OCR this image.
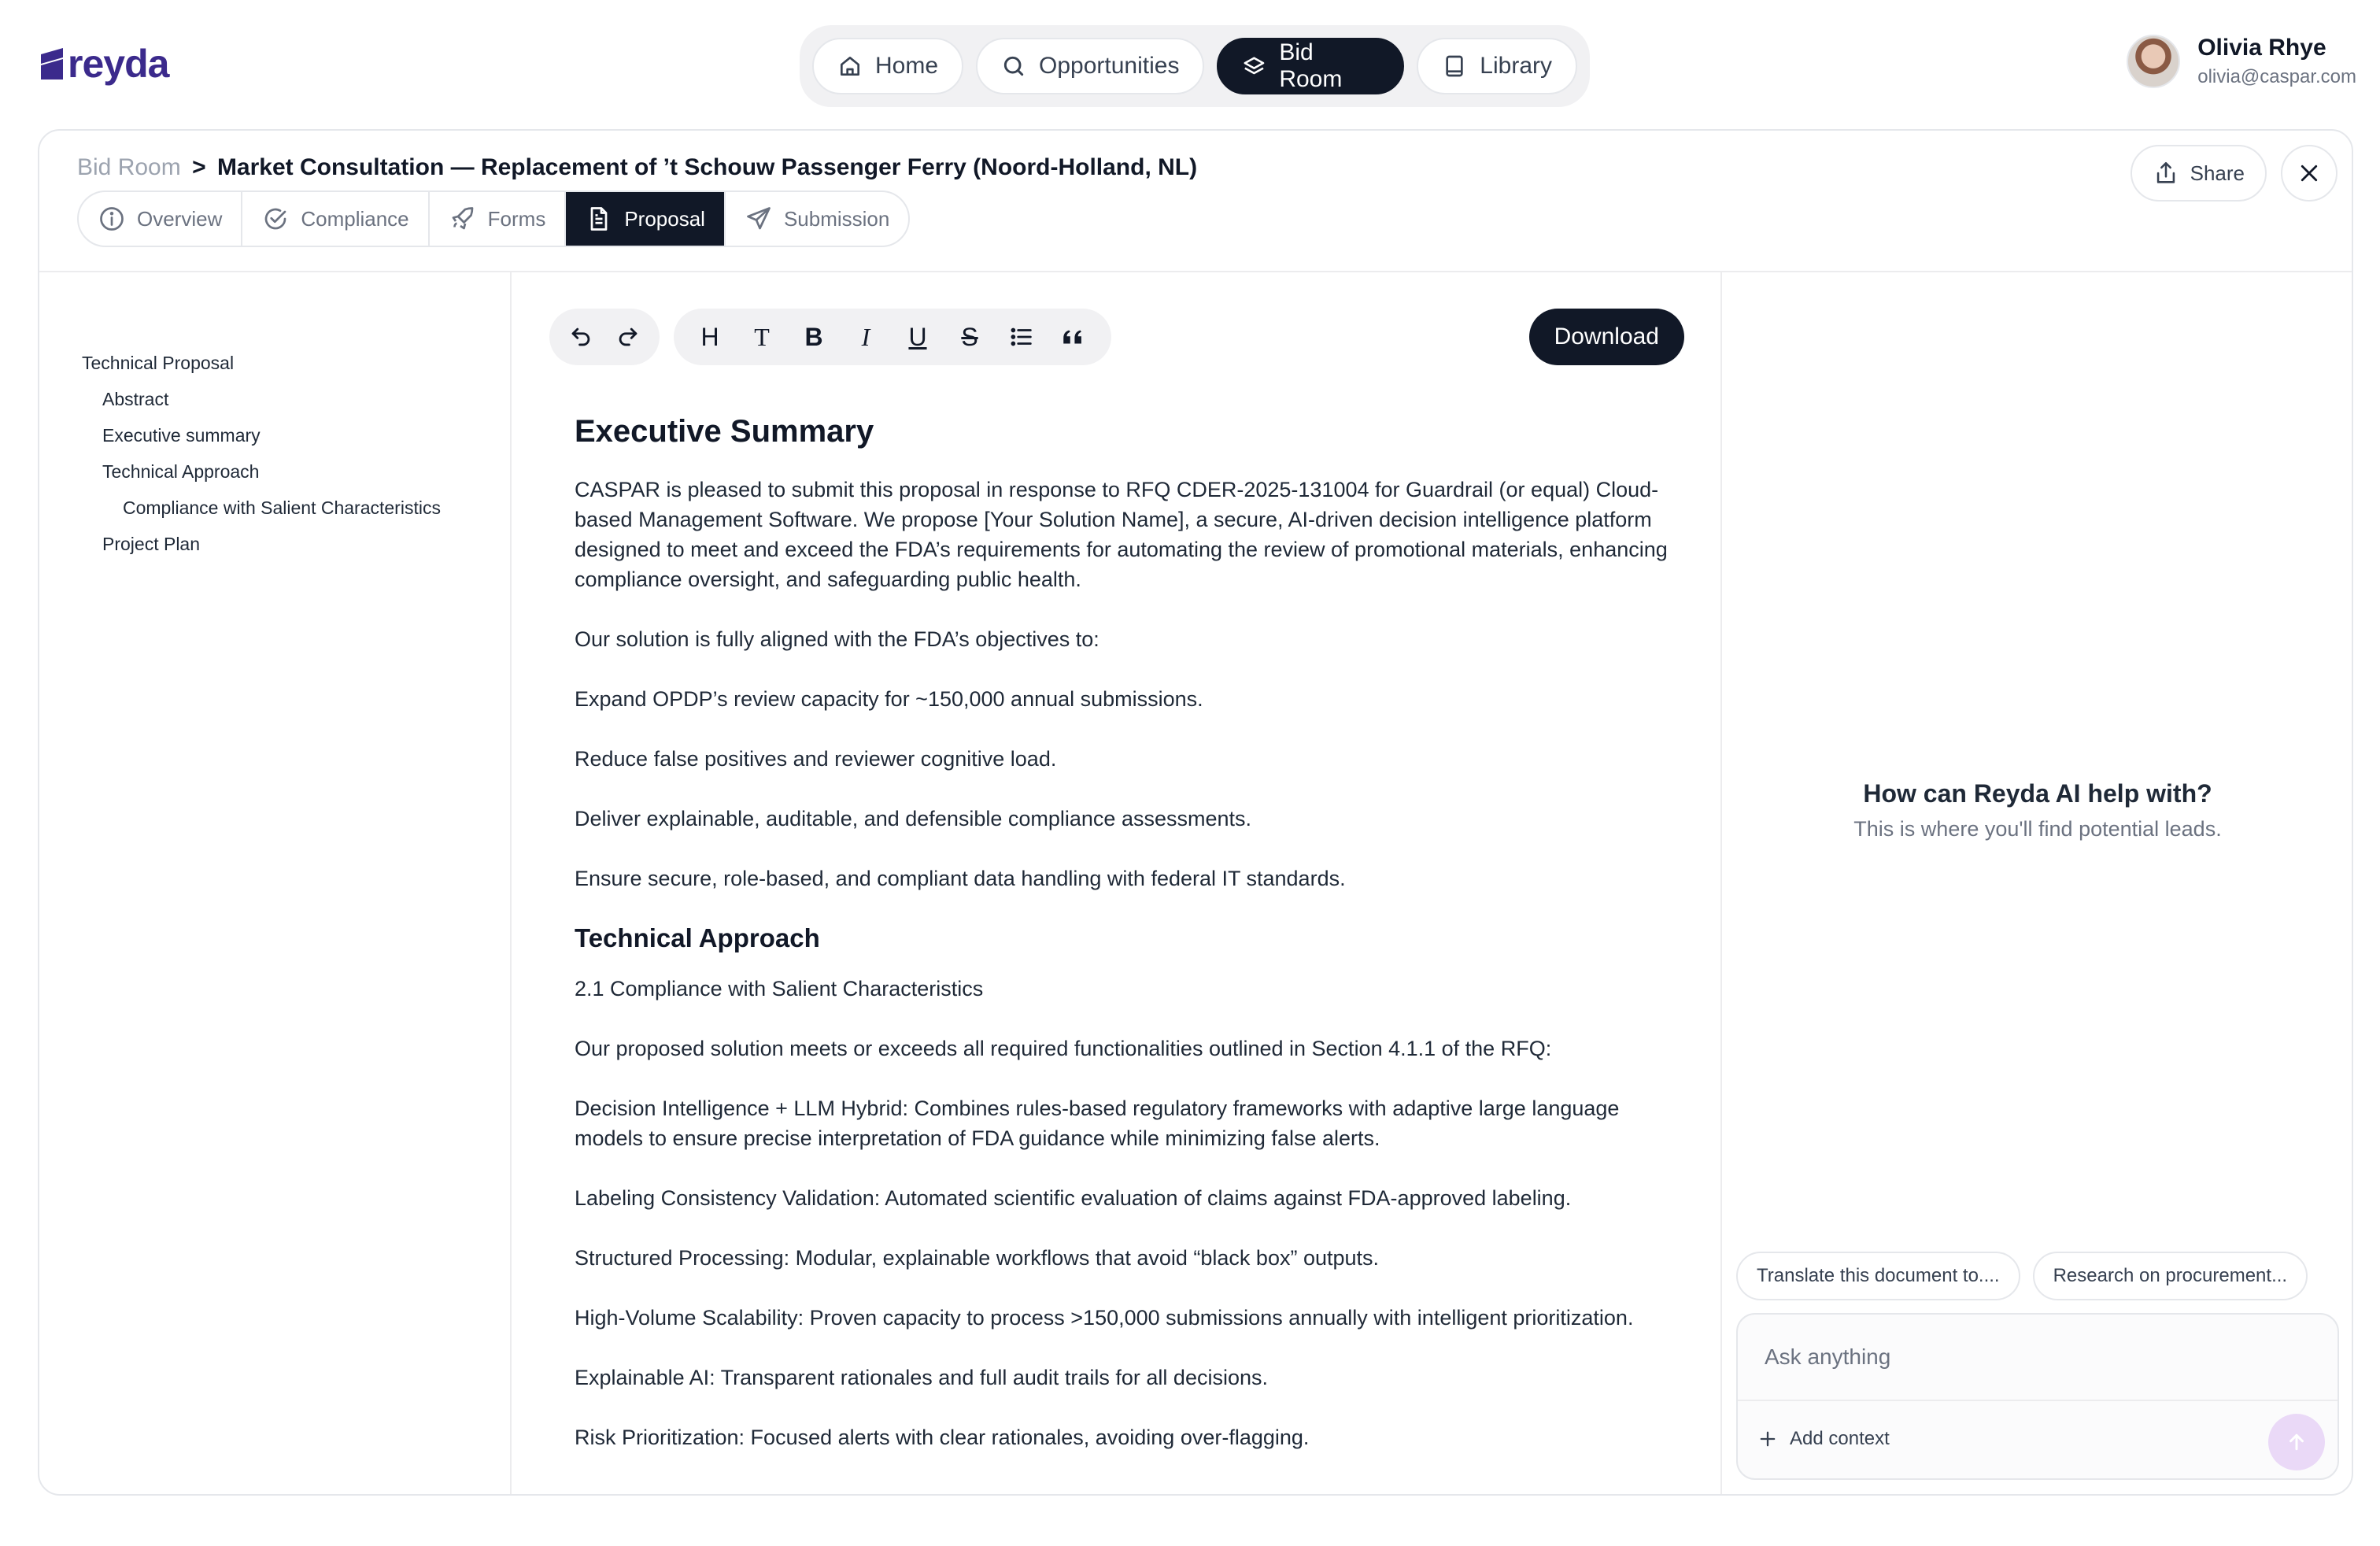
reyda	Home	Opportunities
Bid Room
Library
Olivia Rhye
olivia@caspar.com
Bid Room > Market Consultation — Replacement of ’t Schouw Passenger Ferry (Noord-Holland, NL)
Overview	Compliance	Forms	Proposal	Submission
Share
Technical Proposal
Abstract
Executive summary
Technical Approach
Compliance with Salient Characteristics
Project Plan
H T B I U S	Download
Executive Summary

CASPAR is pleased to submit this proposal in response to RFQ CDER-2025-131004 for Guardrail (or equal) Cloud-based Management Software. We propose [Your Solution Name], a secure, AI-driven decision intelligence platform designed to meet and exceed the FDA’s requirements for automating the review of promotional materials, enhancing compliance oversight, and safeguarding public health.

Our solution is fully aligned with the FDA’s objectives to:

Expand OPDP’s review capacity for ~150,000 annual submissions.

Reduce false positives and reviewer cognitive load.

Deliver explainable, auditable, and defensible compliance assessments.

Ensure secure, role-based, and compliant data handling with federal IT standards.

Technical Approach

2.1 Compliance with Salient Characteristics

Our proposed solution meets or exceeds all required functionalities outlined in Section 4.1.1 of the RFQ:

Decision Intelligence + LLM Hybrid: Combines rules-based regulatory frameworks with adaptive large language models to ensure precise interpretation of FDA guidance while minimizing false alerts.

Labeling Consistency Validation: Automated scientific evaluation of claims against FDA-approved labeling.

Structured Processing: Modular, explainable workflows that avoid “black box” outputs.

High-Volume Scalability: Proven capacity to process >150,000 submissions annually with intelligent prioritization.

Explainable AI: Transparent rationales and full audit trails for all decisions.

Risk Prioritization: Focused alerts with clear rationales, avoiding over-flagging.

How can Reyda AI help with?
This is where you'll find potential leads.
Translate this document to....	Research on procurement...
Ask anything
Add context
